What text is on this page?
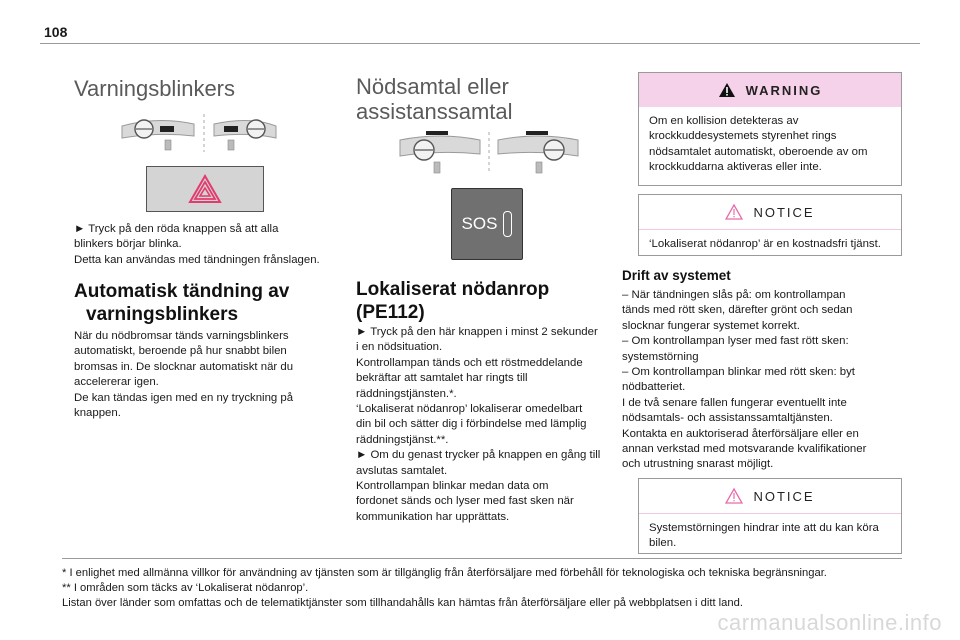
108
Varningsblinkers

► Tryck på den röda knappen så att alla

blinkers börjar blinka.

Detta kan användas med tändningen frånslagen.

Automatisk tändning av
varningsblinkers

När du nödbromsar tänds varningsblinkers

automatiskt, beroende på hur snabbt bilen

bromsas in. De slocknar automatiskt när du

accelererar igen.

De kan tändas igen med en ny tryckning på

knappen.

Nödsamtal eller
assistanssamtal
SOS
Lokaliserat nödanrop
(PE112)

► Tryck på den här knappen i minst 2 sekunder

i en nödsituation.

Kontrollampan tänds och ett röstmeddelande

bekräftar att samtalet har ringts till

räddningstjänsten.*.

‘Lokaliserat nödanrop’ lokaliserar omedelbart

din bil och sätter dig i förbindelse med lämplig

räddningstjänst.**.

► Om du genast trycker på knappen en gång till

avslutas samtalet.

Kontrollampan blinkar medan data om

fordonet sänds och lyser med fast sken när

kommunikation har upprättats.

WARNING
Om en kollision detekteras av
krockkuddesystemets styrenhet rings
nödsamtalet automatiskt, oberoende av om
krockkuddarna aktiveras eller inte.
NOTICE
‘Lokaliserat nödanrop’ är en kostnadsfri tjänst.
Drift av systemet

– När tändningen slås på: om kontrollampan

tänds med rött sken, därefter grönt och sedan

slocknar fungerar systemet korrekt.

– Om kontrollampan lyser med fast rött sken:

systemstörning

– Om kontrollampan blinkar med rött sken: byt

nödbatteriet.

I de två senare fallen fungerar eventuellt inte

nödsamtals- och assistanssamtaltjänsten.

Kontakta en auktoriserad återförsäljare eller en

annan verkstad med motsvarande kvalifikationer

och utrustning snarast möjligt.

NOTICE
Systemstörningen hindrar inte att du kan köra
bilen.

* I enlighet med allmänna villkor för användning av tjänsten som är tillgänglig från återförsäljare med förbehåll för teknologiska och tekniska begränsningar.

** I områden som täcks av ‘Lokaliserat nödanrop’.

Listan över länder som omfattas och de telematiktjänster som tillhandahålls kan hämtas från återförsäljare eller på webbplatsen i ditt land.

carmanualsonline.info
